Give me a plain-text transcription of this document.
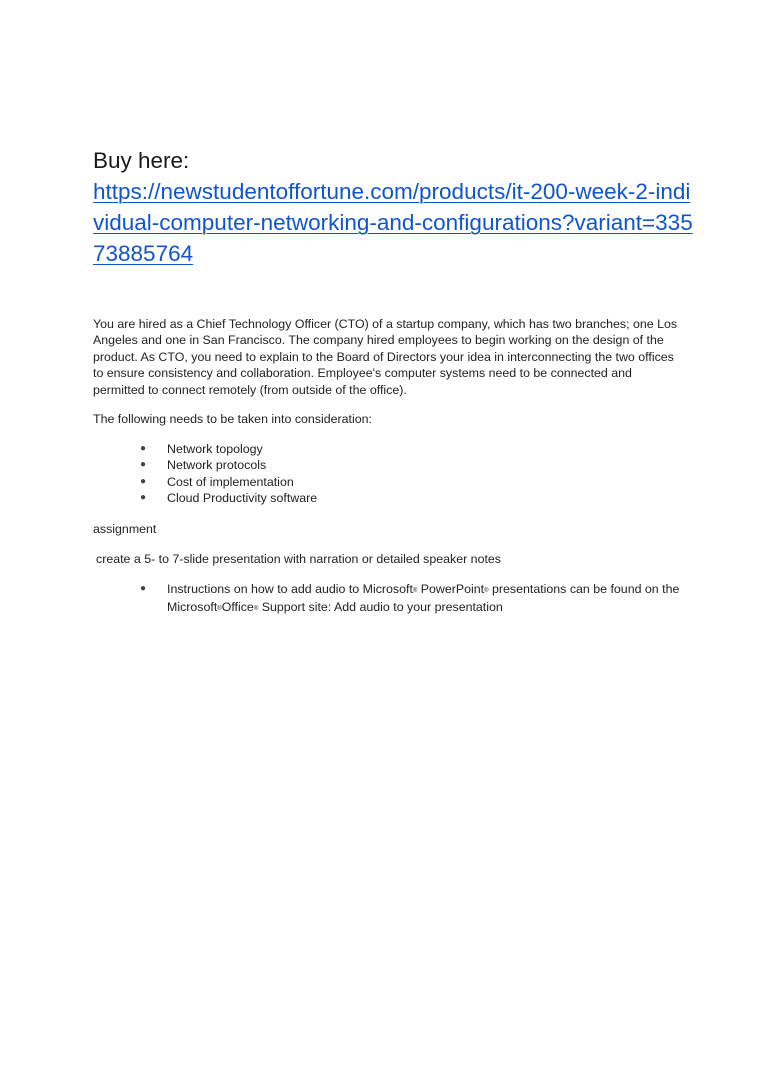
Buy here:
https://newstudentoffortune.com/products/it-200-week-2-individual-computer-networking-and-configurations?variant=33573885764

You are hired as a Chief Technology Officer (CTO) of a startup company, which has two branches; one Los Angeles and one in San Francisco. The company hired employees to begin working on the design of the product. As CTO, you need to explain to the Board of Directors your idea in interconnecting the two offices to ensure consistency and collaboration. Employee's computer systems need to be connected and permitted to connect remotely (from outside of the office).

The following needs to be taken into consideration:

●	Network topology
●	Network protocols
●	Cost of implementation
●	Cloud Productivity software

assignment

create a 5- to 7-slide presentation with narration or detailed speaker notes

●	Instructions on how to add audio to Microsoft® PowerPoint® presentations can be found on the Microsoft®Office® Support site: Add audio to your presentation
